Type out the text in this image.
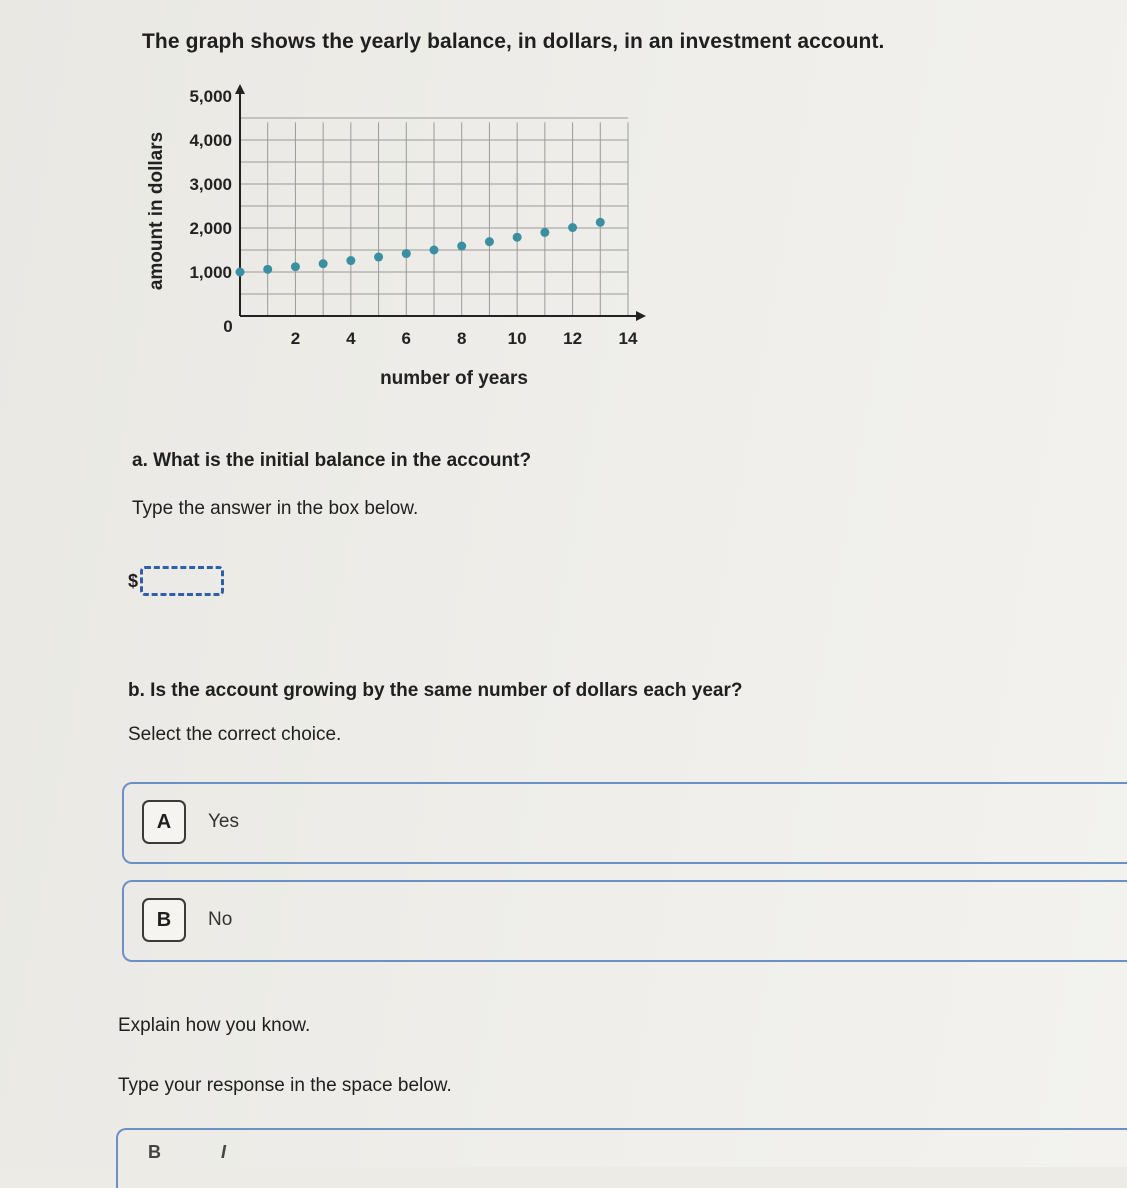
The graph shows the yearly balance, in dollars, in an investment account.
1,000
2,000
3,000
4,000
5,000
2	4	6	8 10 12 14
0
number of years
amount in dollars
a. What is the initial balance in the account?
Type the answer in the box below.
$
b. Is the account growing by the same number of dollars each year?
Select the correct choice.
A	Yes
B	No
Explain how you know.
Type your response in the space below.
B	I
